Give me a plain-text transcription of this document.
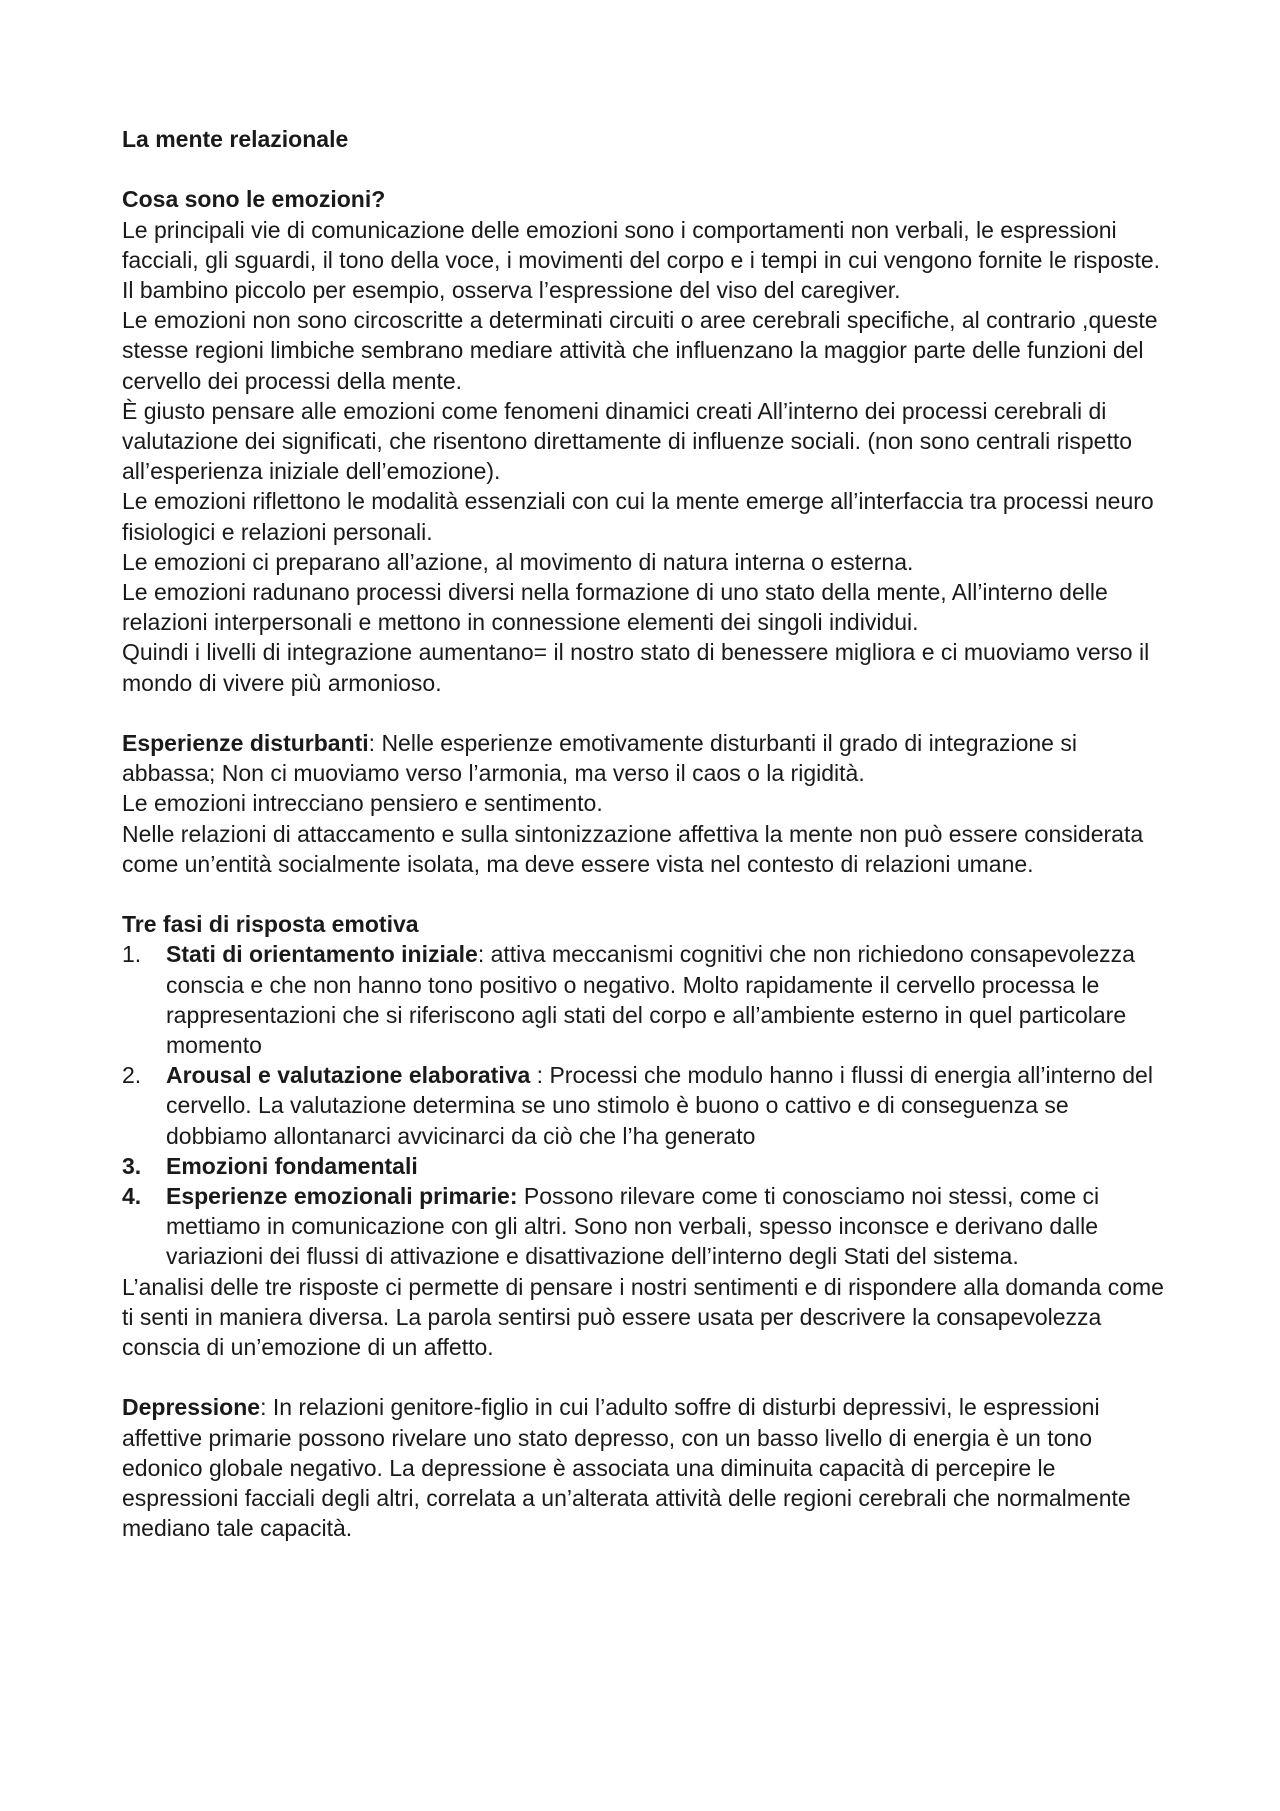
La mente relazionale

Cosa sono le emozioni?

Le principali vie di comunicazione delle emozioni sono i comportamenti non verbali, le espressioni facciali, gli sguardi, il tono della voce, i movimenti del corpo e i tempi in cui vengono fornite le risposte.

Il bambino piccolo per esempio, osserva l’espressione del viso del caregiver.

Le emozioni non sono circoscritte a determinati circuiti o aree cerebrali specifiche, al contrario ,queste stesse regioni limbiche sembrano mediare attività che influenzano la maggior parte delle funzioni del cervello dei processi della mente.

È giusto pensare alle emozioni come fenomeni dinamici creati All’interno dei processi cerebrali di valutazione dei significati, che risentono direttamente di influenze sociali. (non sono centrali rispetto all’esperienza iniziale dell’emozione).

Le emozioni riflettono le modalità essenziali con cui la mente emerge all’interfaccia tra processi neuro fisiologici e relazioni personali.

Le emozioni ci preparano all’azione, al movimento di natura interna o esterna.

Le emozioni radunano processi diversi nella formazione di uno stato della mente, All’interno delle relazioni interpersonali e mettono in connessione elementi dei singoli individui.

Quindi i livelli di integrazione aumentano= il nostro stato di benessere migliora e ci muoviamo verso il mondo di vivere più armonioso.

Esperienze disturbanti: Nelle esperienze emotivamente disturbanti il grado di integrazione si abbassa; Non ci muoviamo verso l’armonia, ma verso il caos o la rigidità.

Le emozioni intrecciano pensiero e sentimento.

Nelle relazioni di attaccamento e sulla sintonizzazione affettiva la mente non può essere considerata come un’entità socialmente isolata, ma deve essere vista nel contesto di relazioni umane.

Tre fasi di risposta emotiva

1. Stati di orientamento iniziale: attiva meccanismi cognitivi che non richiedono consapevolezza conscia e che non hanno tono positivo o negativo. Molto rapidamente il cervello processa le rappresentazioni che si riferiscono agli stati del corpo e all’ambiente esterno in quel particolare momento
2. Arousal e valutazione elaborativa : Processi che modulo hanno i flussi di energia all’interno del cervello. La valutazione determina se uno stimolo è buono o cattivo e di conseguenza se dobbiamo allontanarci avvicinarci da ciò che l’ha generato
3. Emozioni fondamentali
4. Esperienze emozionali primarie: Possono rilevare come ti conosciamo noi stessi, come ci mettiamo in comunicazione con gli altri. Sono non verbali, spesso inconsce e derivano dalle variazioni dei flussi di attivazione e disattivazione dell’interno degli Stati del sistema.

L’analisi delle tre risposte ci permette di pensare i nostri sentimenti e di rispondere alla domanda come ti senti in maniera diversa. La parola sentirsi può essere usata per descrivere la consapevolezza conscia di un’emozione di un affetto.

Depressione: In relazioni genitore-figlio in cui l’adulto soffre di disturbi depressivi, le espressioni affettive primarie possono rivelare uno stato depresso, con un basso livello di energia è un tono edonico globale negativo. La depressione è associata una diminuita capacità di percepire le espressioni facciali degli altri, correlata a un’alterata attività delle regioni cerebrali che normalmente mediano tale capacità.
